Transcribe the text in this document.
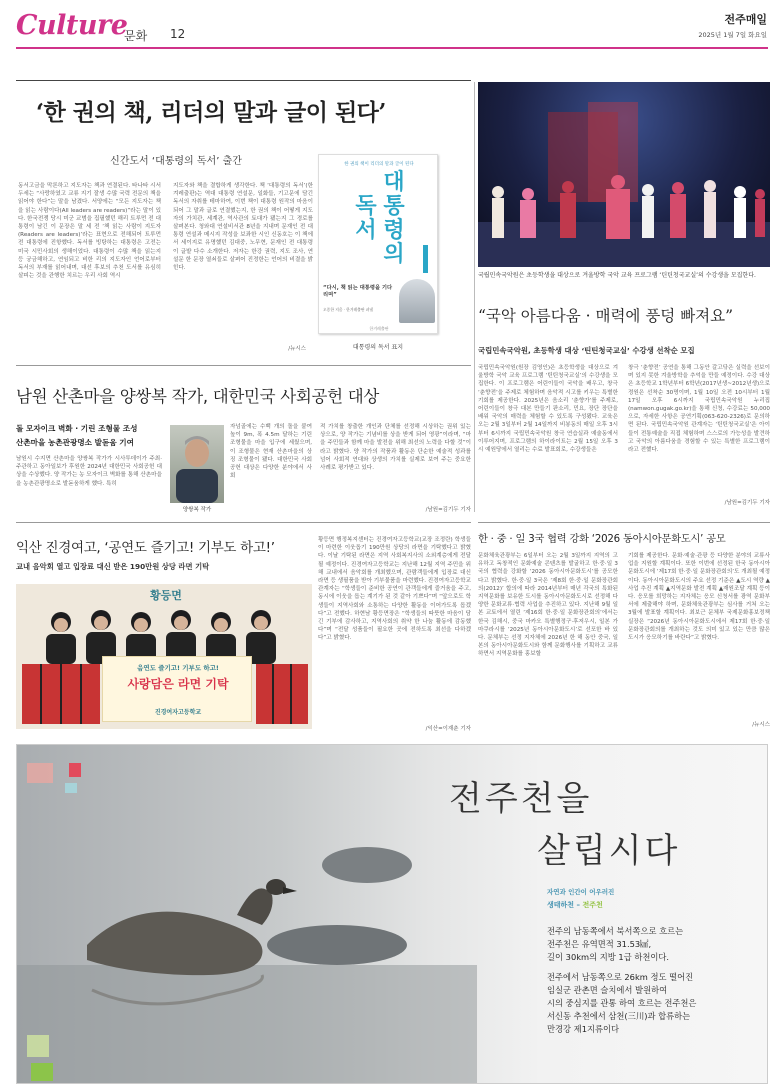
Culture
문화 12
전주매일
2025년 1월 7일 화요일
‘한 권의 책, 리더의 말과 글이 된다’
신간도서 ‘대통령의 독서’ 출간
동서고금을 막론하고 지도자는 책과 연결된다. 타나타 시서 두세는 “사랑하였고 교류 지기 잘생 수많 국력 전문의 책을 읽어야 한다”는 말을 남겼다. 서양에는 “모든 지도자는 책을 읽는 사람이다(All leaders are readers)”라는 말이 있다. 한국전쟁 당시 미군 교범을 집필했던 해리 트루먼 전 대통령이 남긴 이 문장은 말 세 전 ‘책 읽는 사람이 지도자(Readers are leaders)’라는 표현으로 전해되어 트루먼 전 대통령에 진항했다. 독서를 빙탕하는 대통령은 고전는 미국 시민사회의 생해이었다. 대통령이 수많 책을 읽는지 등 궁금해하고, 연임되고 비한 리의 지도자인 언어로부터 독서의 부재를 읽어내며, 대선 후보의 추천 도서를 유심히 살피는 것을 관행한 치르는 우리 사회 역시
지도자와 책을 결합하게 생각한다. 책 ‘대통령의 독서’(한겨레출판)는 역대 대통령 연설문, 일화들, 기고문에 담긴 독서의 자취를 테마하여, 이번 책이 대통령 원작의 마음이 되어 그 말과 글로 연결했는지, 한 권의 책이 어떻게 지도자의 가치관, 세계관, 역사관의 토대가 됐는지 그 경로를 살펴본다. 청와대 연설비서관 8년을 지내며 문재인 전 대통령 연설과 메시지 작성을 보좌한 시인 신동호는 이 책에서 세이지로 유명했던 김대중, 노무현, 문재인 전 대통령이 글밭 다수 소개한다. 저자는 한강 권력, 지도 조사, 연설문 한 문장 열쇠들로 살펴어 진정한는 언어의 비결을 밝힌다.
/뉴시스
한 권의 책이 리더의 말과 글이 된다
대
통
령
의
독
서
“다시, 책 읽는 대통령을 기다리며”
오종한 지음 · 한겨레출판 펴냄
한겨레출판
대통령의 독서 표지
국립민속국악원은 초등학생을 대상으로 겨울방학 국악 교육 프로그램 ‘틴틴청국교실’의 수강생을 모집한다.
“국악 아름다움 · 매력에 풍덩 빠져요”
국립민속국악원, 초등학생 대상 ‘틴틴청국교실’ 수강생 선착순 모집
국립민속국악원(원장 김영인)은 초등학생을 대상으로 겨울방학 국악 교육 프로그램 ‘틴틴청국교실’의 수강생을 모집한다. 이 프로그램은 어린이들이 국악을 배우고, 창극 ‘춘향전’을 주제로 체험하며 음악적 시고를 키우는 특별한 기회를 제공한다. 2025년은 음소리 ‘춘향가’를 주제로, 어린이들이 창극 대본 만들기 판소리, 민요, 장단 장단을 배워 국악의 매력을 체험할 수 있도록 구성됐다. 교육은 오는 2월 3일부터 2월 14일까지 비봉동의 매일 오후 3시부터 6시까지 국립민속국악원 창극 연습실과 예술동에서 이루어지며, 프로그램의 하이라이트는 2월 15일 오후 3시 예원당에서 열리는 수료 발표회로, 수강생들은
창극 ‘춘향전’ 공연을 통해 그동안 갈고닦은 실력을 선보이며 있지 못한 겨울방학을 추억을 만들 예정이다. 수강 대상은 초등학교 1학년부터 6학년(2017년생~2012년생)으로 정원은 선착순 30명이며, 1월 10일 오전 10시부터 1월 17일 오후 6시까지 국립민속국악원 누리집(namwon.gugak.go.kr)을 통해 신청, 수강료는 50,000으로, 자세한 사항은 공연기획(063-620-2326)로 문의하면 된다. 국립민속국악원 관계자는 ‘틴틴청국교실’은 아이들이 전통예술을 직접 체험하며 스스로의 가능성을 발견하고 국악의 아름다움을 경험할 수 있는 특별한 프로그램이라고 전했다.
/남원=김기두 기자
남원 산촌마을 양쌍복 작가, 대한민국 사회공헌 대상
돌 모자이크 벽화 · 기린 조형물 조성
산촌마을 농촌관광명소 발돋움 기여
남원시 수지면 산촌마을 양쌍복 작가가 시사투데이가 주최·주관하고 동아일보가 후원한 2024년 대한민국 사회공헌 대상을 수상했다. 양 작가는 농 모자이크 벽화를 통해 산촌마을을 농촌관광명소로 발돋움하게 했다. 특히
양쌍복 작가
자넘골에는 수백 개의 돌을 붙여 높이 9m, 폭 4.5m 달하는 기린 조형물을 마을 입구에 세웠으며, 이 조형물은 현재 산촌마을의 상징 조형물이 됐다. 대한민국 사회공헌 대상은 다양한 분야에서 사회
적 가치를 창출한 개인과 단체를 선정해 시상하는 권위 있는 상으로, 양 작가는 기념비를 상을 받게 되어 영광”이라며, “마을 주민들과 함께 마을 발전을 위해 최선의 노력을 다할 것”이라고 밝혔다. 양 작가의 작품과 활동은 단순한 예술적 성과를 넘어 사회적 연대와 상생의 가치를 실제로 보여 주는 중요한 사례로 평가받고 있다.
/남원=김기두 기자
익산 진경여고, ‘공연도 즐기고! 기부도 하고!’
교내 음악회 열고 입장료 대신 받은 190만원 상당 라면 기탁
황등면
음연도 즐기고! 기부도 하고!
사랑담은 라면 기탁
진경여자고등학교
황등면 행정복지센터는 진경여자고등학교(교장 조정란) 학생들이 마련한 이웃돕기 190만원 상당의 라면을 기탁했다고 밝혔다. 이날 기탁된 라면은 지역 사회복지사의 소외계층에게 전달될 예정이다. 진경여자고등학교는 지난해 12월 지역 주민을 위해 교내에서 음악회를 개최했으며, 관람객들에게 입장료 대신 라면 등 생필품을 받아 기부물품을 마련했다. 진경여자고등학교 관계자는 “학생들이 준비한 공연이 관객들에게 즐거움을 주고, 동시에 이웃을 돕는 계기가 된 것 같아 기쁘다”며 “앞으로도 학생들이 지역사회와 소통하는 다양한 활동을 이어가도록 돕겠다”고 전했다. 하현남 황등면장은 “학생들의 따뜻한 마음이 담긴 기부에 감사하고, 지역사회의 취약 한 나눔 활동에 감동했다”며 “전달 성품들이 필요한 곳에 전하도록 최선을 다하겠다”고 밝혔다.
/익산=이재춘 기자
한 · 중 · 일 3국 협력 강화 ‘2026 동아시아문화도시’ 공모
문화체육관광부는 6일부터 오는 2월 3일까지 지역의 고유하고 독창적인 문화예술 콘텐츠를 발굴하고 한·중·일 3국의 협력을 강화할 ‘2026 동아시아문화도시’를 공모한다고 밝혔다. 한·중·일 3국은 ‘제8회 한·중·일 문화장관회의(2012)’ 합의에 따라 2014년부터 매년 각국의 특화된 지역문화를 보유한 도시를 동아시아문화도시로 선정해 다양한 문화교류·협력 사업을 추진하고 있다. 지난해 9월 일본 교토에서 열린 ‘제16회 한·중·일 문화장관회의’에서는 한국 김해시, 중국 마카오 특별행정구·후저우시, 일본 가마쿠라시를 ‘2025년 동아시아문화도시’로 선포한 바 있다. 문체부는 선정 지자체에 2026년 한 해 동안 중국, 일본의 동아시아문화도시와 함께 문화행사를 기획하고 교류하면서 지역문화를 홍보할
기회를 제공한다. 문화·예술·관광 등 다양한 분야의 교류사업을 지원할 계획이다. 또한 이번에 선정된 한국 동아시아 문화도시에 ‘제17회 한·중·일 문화장관회의’도 개최될 예정이다. 동아시아문화도시의 주요 선정 기준은 ▲도시 역량 ▲사업 추진 계획 ▲지역문화 발전 계획 ▲재원조달 계획 등이다. 응모를 희망하는 지자체는 응모 신청서를 광역 문화부서에 제출해야 하며, 문화체육관광부는 심사를 거쳐 오는 3월에 발표할 계획이다. 최보근 문체부 국제문화홍보정책실장은 “2026년 동아시아문화도시에서 제17회 한·중·일 문화장관회의를 개최하는 것도 의미 있고 있는 만큼 많은 도시가 응모하기를 바란다”고 밝혔다.
/뉴시스
전주천을
살립시다
자연과 인간이 어우러진
생태하천 – 전주천
전주의 남동쪽에서 북서쪽으로 흐르는
전주천은 유역면적 31.53㎢,
길이 30km의 지방 1급 하천이다.
전주에서 남동쪽으로 26km 정도 떨어진
임실군 관촌면 슬치에서 발원하여
시의 중심지를 관통 하여 흐르는 전주천은
서신동 추천에서 삼천(三川)과 합류하는
만경강 제1지류이다
